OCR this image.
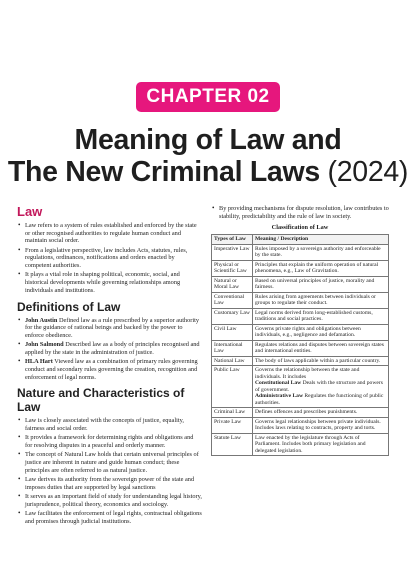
CHAPTER 02
Meaning of Law and
The New Criminal Laws (2024)
Law
• Law refers to a system of rules established and enforced by the state or other recognised authorities to regulate human conduct and maintain social order.
• From a legislative perspective, law includes Acts, statutes, rules, regulations, ordinances, notifications and orders enacted by competent authorities.
• It plays a vital role in shaping political, economic, social, and historical developments while governing relationships among individuals and institutions.
Definitions of Law
• John Austin Defined law as a rule prescribed by a superior authority for the guidance of rational beings and backed by the power to enforce obedience.
• John Salmond Described law as a body of principles recognised and applied by the state in the administration of justice.
• HLA Hart Viewed law as a combination of primary rules governing conduct and secondary rules governing the creation, recognition and enforcement of legal norms.
Nature and Characteristics of Law
• Law is closely associated with the concepts of justice, equality, fairness and social order.
• It provides a framework for determining rights and obligations and for resolving disputes in a peaceful and orderly manner.
• The concept of Natural Law holds that certain universal principles of justice are inherent in nature and guide human conduct; these principles are often referred to as natural justice.
• Law derives its authority from the sovereign power of the state and imposes duties that are supported by legal sanctions
• It serves as an important field of study for understanding legal history, jurisprudence, political theory, economics and sociology.
• Law facilitates the enforcement of legal rights, contractual obligations and promises through judicial institutions.
• By providing mechanisms for dispute resolution, law contributes to stability, predictability and the rule of law in society.
Classification of Law
Types of Law	Meaning / Description
Imperative Law	Rules imposed by a sovereign authority and enforceable by the state.
Physical or Scientific Law	Principles that explain the uniform operation of natural phenomena, e.g., Law of Gravitation.
Natural or Moral Law	Based on universal principles of justice, morality and fairness.
Conventional Law	Rules arising from agreements between individuals or groups to regulate their conduct.
Customary Law	Legal norms derived from long-established customs, traditions and social practices.
Civil Law	Governs private rights and obligations between individuals, e.g., negligence and defamation.
International Law	Regulates relations and disputes between sovereign states and international entities.
National Law	The body of laws applicable within a particular country.
Public Law	Governs the relationship between the state and individuals. It includes
Constitutional Law Deals with the structure and powers of government.
Administrative Law Regulates the functioning of public authorities.
Criminal Law	Defines offences and prescribes punishments.
Private Law	Governs legal relationships between private individuals. Includes laws relating to contracts, property and torts.
Statute Law	Law enacted by the legislature through Acts of Parliament. Includes both primary legislation and delegated legislation.
